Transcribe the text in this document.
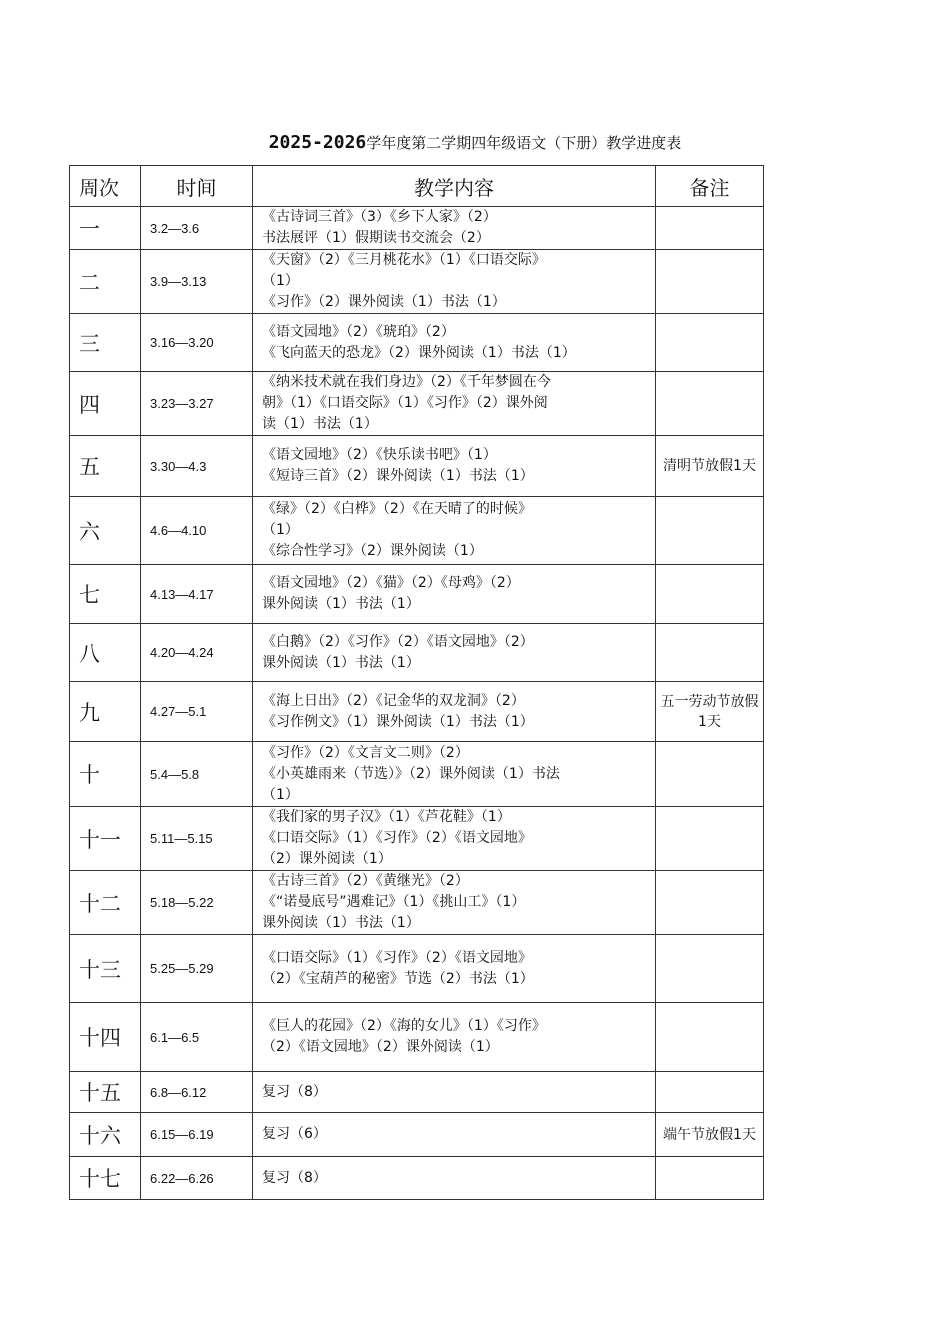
2025-2026学年度第二学期四年级语文（下册）教学进度表
周次	时间	教学内容	备注
一	3.2—3.6	《古诗词三首》（3）《乡下人家》（2）
书法展评（1）假期读书交流会（2）	

二	3.9—3.13	《天窗》（2）《三月桃花水》（1）《口语交际》
（1）
《习作》（2）课外阅读（1）书法（1）	

三	3.16—3.20	《语文园地》（2）《琥珀》（2）
《飞向蓝天的恐龙》（2）课外阅读（1）书法（1）	

四	3.23—3.27	《纳米技术就在我们身边》（2）《千年梦圆在今
朝》（1）《口语交际》（1）《习作》（2）课外阅
读（1）书法（1）	

五	3.30—4.3	《语文园地》（2）《快乐读书吧》（1）
《短诗三首》（2）课外阅读（1）书法（1）	清明节放假1天
六	4.6—4.10	《绿》（2）《白桦》（2）《在天晴了的时候》
（1）
《综合性学习》（2）课外阅读（1）	

七	4.13—4.17	《语文园地》（2）《猫》（2）《母鸡》（2）
课外阅读（1）书法（1）	

八	4.20—4.24	《白鹅》（2）《习作》（2）《语文园地》（2）
课外阅读（1）书法（1）	

九	4.27—5.1	《海上日出》（2）《记金华的双龙洞》（2）
《习作例文》（1）课外阅读（1）书法（1）	五一劳动节放假1天
十	5.4—5.8	《习作》（2）《文言文二则》（2）
《小英雄雨来（节选）》（2）课外阅读（1）书法
（1）	

十一	5.11—5.15	《我们家的男子汉》（1）《芦花鞋》（1）
《口语交际》（1）《习作》（2）《语文园地》
（2）课外阅读（1）	

十二	5.18—5.22	《古诗三首》（2）《黄继光》（2）
《“诺曼底号”遇难记》（1）《挑山工》（1）
课外阅读（1）书法（1）	

十三	5.25—5.29	《口语交际》（1）《习作》（2）《语文园地》
（2）《宝葫芦的秘密》节选（2）书法（1）	

十四	6.1—6.5	《巨人的花园》（2）《海的女儿》（1）《习作》
（2）《语文园地》（2）课外阅读（1）	

十五	6.8—6.12	复习（8）	

十六	6.15—6.19	复习（6）	端午节放假1天
十七	6.22—6.26	复习（8）	
